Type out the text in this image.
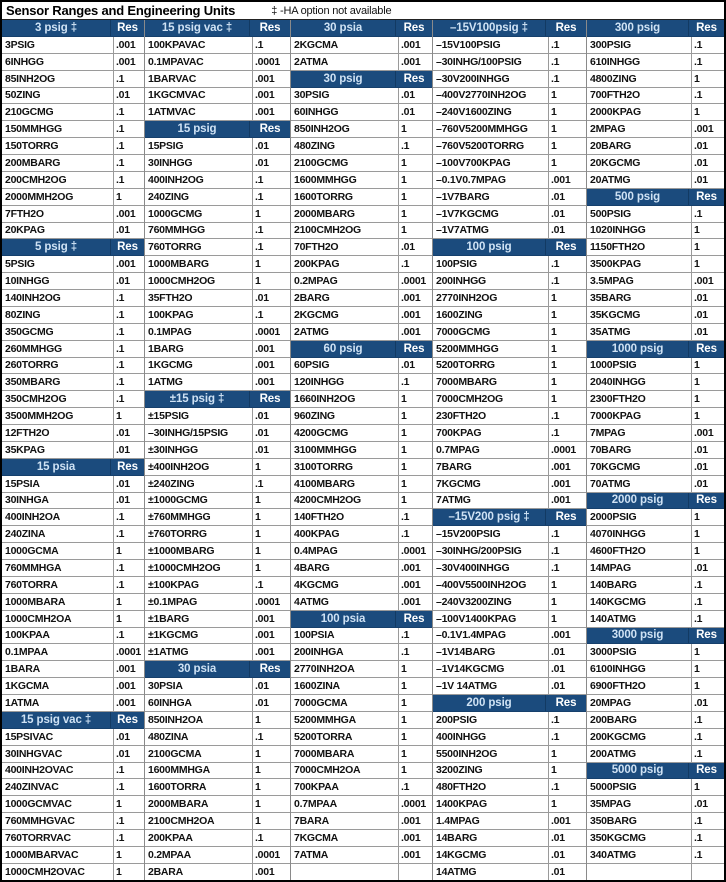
Sensor Ranges and Engineering Units	‡ -HA option not available
3 psig ‡	Res
3PSIG	.001
6INHGG	.001
85INH2OG	.1
50ZING	.01
210GCMG	.1
150MMHGG	.1
150TORRG	.1
200MBARG	.1
200CMH2OG	.1
2000MMH2OG	1
7FTH2O	.001
20KPAG	.01
5 psig ‡	Res
5PSIG	.001
10INHGG	.01
140INH2OG	.1
80ZING	.1
350GCMG	.1
260MMHGG	.1
260TORRG	.1
350MBARG	.1
350CMH2OG	.1
3500MMH2OG	1
12FTH2O	.01
35KPAG	.01
15 psia	Res
15PSIA	.01
30INHGA	.01
400INH2OA	.1
240ZINA	.1
1000GCMA	1
760MMHGA	.1
760TORRA	.1
1000MBARA	1
1000CMH2OA	1
100KPAA	.1
0.1MPAA	.0001
1BARA	.001
1KGCMA	.001
1ATMA	.001
15 psig vac ‡	Res
15PSIVAC	.01
30INHGVAC	.01
400INH2OVAC	.1
240ZINVAC	.1
1000GCMVAC	1
760MMHGVAC	.1
760TORRVAC	.1
1000MBARVAC	1
1000CMH2OVAC	1
15 psig vac ‡	Res
100KPAVAC	.1
0.1MPAVAC	.0001
1BARVAC	.001
1KGCMVAC	.001
1ATMVAC	.001
15 psig	Res
15PSIG	.01
30INHGG	.01
400INH2OG	.1
240ZING	.1
1000GCMG	1
760MMHGG	.1
760TORRG	.1
1000MBARG	1
1000CMH2OG	1
35FTH2O	.01
100KPAG	.1
0.1MPAG	.0001
1BARG	.001
1KGCMG	.001
1ATMG	.001
±15 psig ‡	Res
±15PSIG	.01
–30INHG/15PSIG	.01
±30INHGG	.01
±400INH2OG	1
±240ZING	.1
±1000GCMG	1
±760MMHGG	1
±760TORRG	1
±1000MBARG	1
±1000CMH2OG	1
±100KPAG	.1
±0.1MPAG	.0001
±1BARG	.001
±1KGCMG	.001
±1ATMG	.001
30 psia	Res
30PSIA	.01
60INHGA	.01
850INH2OA	1
480ZINA	.1
2100GCMA	1
1600MMHGA	1
1600TORRA	1
2000MBARA	1
2100CMH2OA	1
200KPAA	.1
0.2MPAA	.0001
2BARA	.001
30 psia	Res
2KGCMA	.001
2ATMA	.001
30 psig	Res
30PSIG	.01
60INHGG	.01
850INH2OG	1
480ZING	.1
2100GCMG	1
1600MMHGG	1
1600TORRG	1
2000MBARG	1
2100CMH2OG	1
70FTH2O	.01
200KPAG	.1
0.2MPAG	.0001
2BARG	.001
2KGCMG	.001
2ATMG	.001
60 psig	Res
60PSIG	.01
120INHGG	.1
1660INH2OG	1
960ZING	1
4200GCMG	1
3100MMHGG	1
3100TORRG	1
4100MBARG	1
4200CMH2OG	1
140FTH2O	.1
400KPAG	.1
0.4MPAG	.0001
4BARG	.001
4KGCMG	.001
4ATMG	.001
100 psia	Res
100PSIA	.1
200INHGA	.1
2770INH2OA	1
1600ZINA	1
7000GCMA	1
5200MMHGA	1
5200TORRA	1
7000MBARA	1
7000CMH2OA	1
700KPAA	.1
0.7MPAA	.0001
7BARA	.001
7KGCMA	.001
7ATMA	.001
–15V100psig ‡	Res
–15V100PSIG	.1
–30INHG/100PSIG	.1
–30V200INHGG	.1
–400V2770INH2OG	1
–240V1600ZING	1
–760V5200MMHGG	1
–760V5200TORRG	1
–100V700KPAG	1
–0.1V0.7MPAG	.001
–1V7BARG	.01
–1V7KGCMG	.01
–1V7ATMG	.01
100 psig	Res
100PSIG	.1
200INHGG	.1
2770INH2OG	1
1600ZING	1
7000GCMG	1
5200MMHGG	1
5200TORRG	1
7000MBARG	1
7000CMH2OG	1
230FTH2O	.1
700KPAG	.1
0.7MPAG	.0001
7BARG	.001
7KGCMG	.001
7ATMG	.001
–15V200 psig ‡	Res
–15V200PSIG	.1
–30INHG/200PSIG	.1
–30V400INHGG	.1
–400V5500INH2OG	1
–240V3200ZING	1
–100V1400KPAG	1
–0.1V1.4MPAG	.001
–1V14BARG	.01
–1V14KGCMG	.01
–1V 14ATMG	.01
200 psig	Res
200PSIG	.1
400INHGG	.1
5500INH2OG	1
3200ZING	1
480FTH2O	.1
1400KPAG	1
1.4MPAG	.001
14BARG	.01
14KGCMG	.01
14ATMG	.01
300 psig	Res
300PSIG	.1
610INHGG	.1
4800ZING	1
700FTH2O	.1
2000KPAG	1
2MPAG	.001
20BARG	.01
20KGCMG	.01
20ATMG	.01
500 psig	Res
500PSIG	.1
1020INHGG	1
1150FTH2O	1
3500KPAG	1
3.5MPAG	.001
35BARG	.01
35KGCMG	.01
35ATMG	.01
1000 psig	Res
1000PSIG	1
2040INHGG	1
2300FTH2O	1
7000KPAG	1
7MPAG	.001
70BARG	.01
70KGCMG	.01
70ATMG	.01
2000 psig	Res
2000PSIG	1
4070INHGG	1
4600FTH2O	1
14MPAG	.01
140BARG	.1
140KGCMG	.1
140ATMG	.1
3000 psig	Res
3000PSIG	1
6100INHGG	1
6900FTH2O	1
20MPAG	.01
200BARG	.1
200KGCMG	.1
200ATMG	.1
5000 psig	Res
5000PSIG	1
35MPAG	.01
350BARG	.1
350KGCMG	.1
340ATMG	.1
